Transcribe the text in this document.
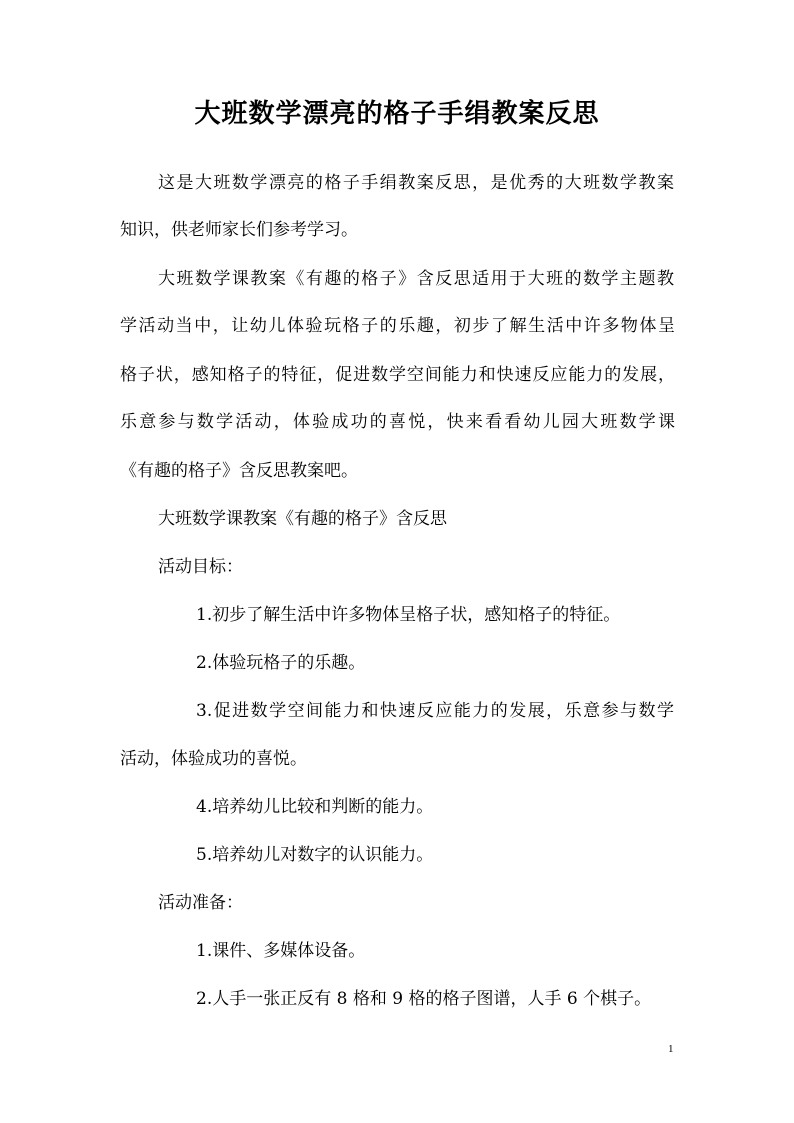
大班数学漂亮的格子手绢教案反思
这是大班数学漂亮的格子手绢教案反思，是优秀的大班数学教案
知识，供老师家长们参考学习。
大班数学课教案《有趣的格子》含反思适用于大班的数学主题教
学活动当中，让幼儿体验玩格子的乐趣，初步了解生活中许多物体呈
格子状，感知格子的特征，促进数学空间能力和快速反应能力的发展，
乐意参与数学活动，体验成功的喜悦，快来看看幼儿园大班数学课
《有趣的格子》含反思教案吧。
大班数学课教案《有趣的格子》含反思
活动目标：
1.初步了解生活中许多物体呈格子状，感知格子的特征。
2.体验玩格子的乐趣。
3.促进数学空间能力和快速反应能力的发展，乐意参与数学
活动，体验成功的喜悦。
4.培养幼儿比较和判断的能力。
5.培养幼儿对数字的认识能力。
活动准备：
1.课件、多媒体设备。
2.人手一张正反有 8 格和 9 格的格子图谱，人手 6 个棋子。
1
